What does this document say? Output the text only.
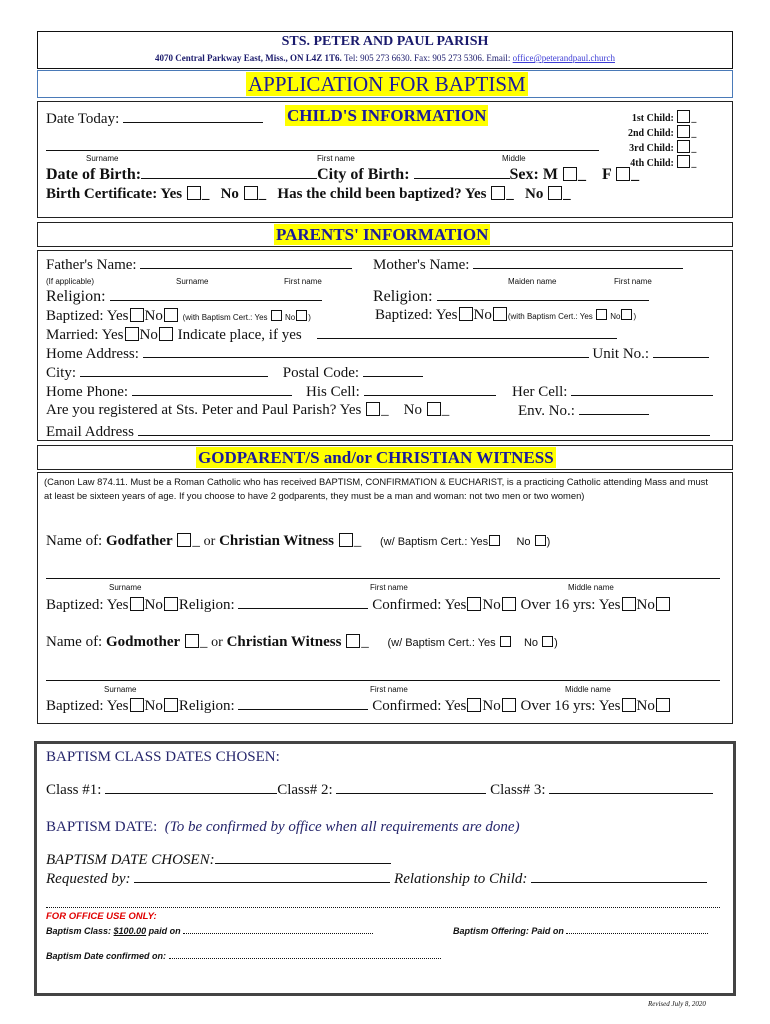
STS. PETER AND PAUL PARISH
4070 Central Parkway East, Miss., ON L4Z 1T6. Tel: 905 273 6630. Fax: 905 273 5306. Email: office@peterandpaul.church
APPLICATION FOR BAPTISM
CHILD'S INFORMATION
Date Today:	1st Child: _
2nd Child: _
3rd Child: _
4th Child: _
Surname	First name	Middle
Date of Birth:	City of Birth:	Sex: M _    F _
Birth Certificate: Yes _   No _   Has the child been baptized? Yes _   No _
PARENTS' INFORMATION
Father's Name:	Mother's Name:
(If applicable)	Surname	First name	Maiden name	First name
Religion:	Religion:
Baptized: Yes No (with Baptism Cert.: Yes No )	Baptized: Yes No (with Baptism Cert.: Yes No )
Married: Yes No Indicate place, if yes
Home Address:	Unit No.:
City:	Postal Code:
Home Phone:	His Cell:	Her Cell:
Are you registered at Sts. Peter and Paul Parish? Yes _    No _	Env. No.:
Email Address
GODPARENT/S and/or CHRISTIAN WITNESS
(Canon Law 874.11. Must be a Roman Catholic who has received BAPTISM, CONFIRMATION & EUCHARIST, is a practicing Catholic attending Mass and must at least be sixteen years of age. If you choose to have 2 godparents, they must be a man and woman: not two men or two women)
Name of: Godfather _ or Christian Witness _     (w/ Baptism Cert.: Yes	No )
Surname	First name	Middle name
Baptized: Yes No Religion:	Confirmed: Yes No Over 16 yrs: Yes No
Name of: Godmother _ or Christian Witness _     (w/ Baptism Cert.: Yes	No )
Surname	First name	Middle name
Baptized: Yes No Religion:	Confirmed: Yes No Over 16 yrs: Yes No
BAPTISM CLASS DATES CHOSEN:
Class #1:	Class# 2:	Class# 3:
BAPTISM DATE: (To be confirmed by office when all requirements are done)
BAPTISM DATE CHOSEN:
Requested by:	Relationship to Child:
FOR OFFICE USE ONLY:
Baptism Class: $100.00 paid on	Baptism Offering: Paid on
Baptism Date confirmed on:
Revised July 8, 2020
